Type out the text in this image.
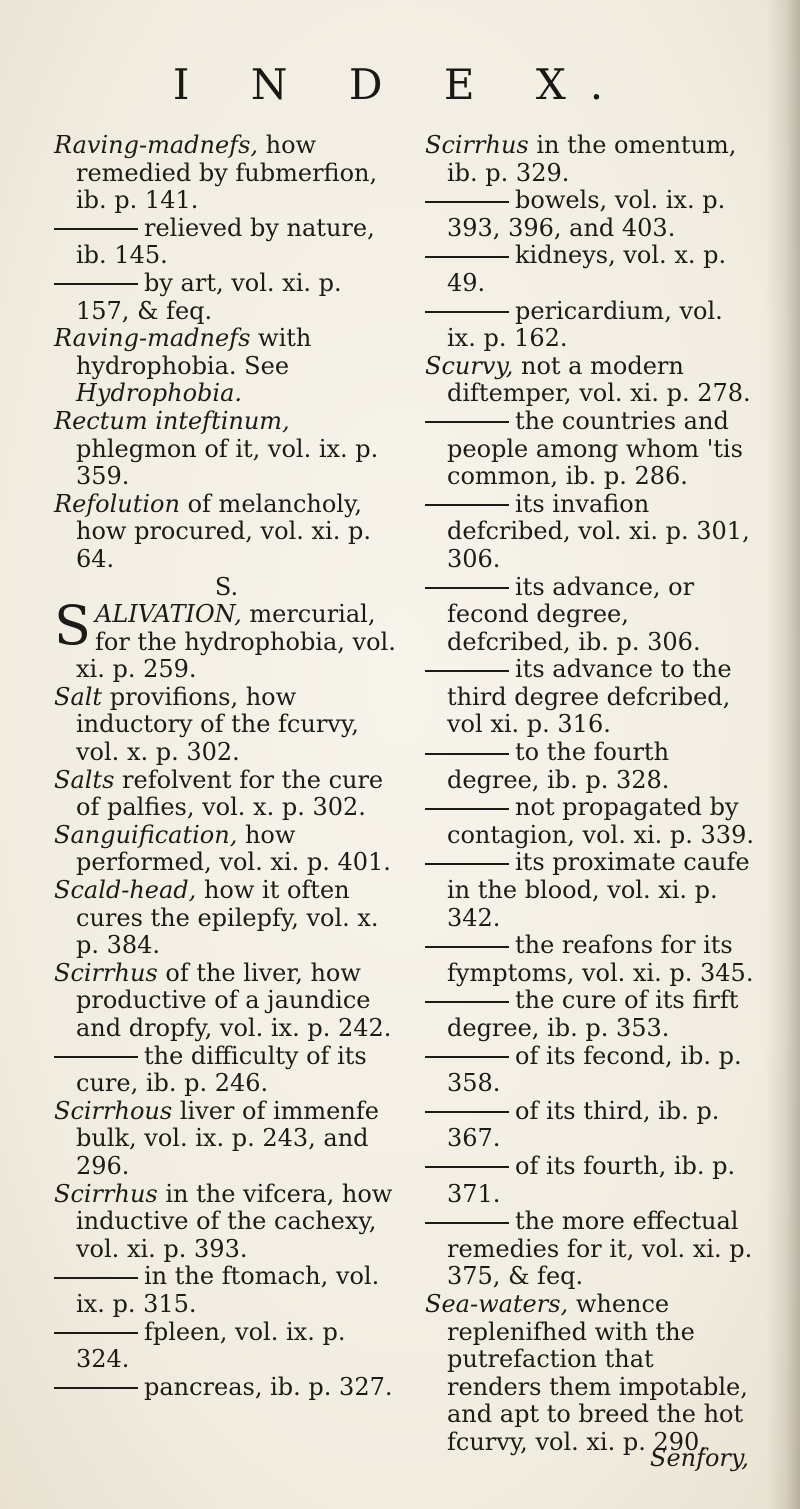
I N D E X.

Raving-madnefs, how remedied by fubmerfion, ib. p. 141.

relieved by nature, ib. 145.

by art, vol. xi. p. 157, & feq.

Raving-madnefs with hydrophobia. See Hydrophobia.

Rectum inteftinum, phlegmon of it, vol. ix. p. 359.

Refolution of melancholy, how procured, vol. xi. p. 64.

S.

SALIVATION, mercurial, for the hydrophobia, vol. xi. p. 259.

Salt provifions, how inductory of the fcurvy, vol. x. p. 302.

Salts refolvent for the cure of palfies, vol. x. p. 302.

Sanguification, how performed, vol. xi. p. 401.

Scald-head, how it often cures the epilepfy, vol. x. p. 384.

Scirrhus of the liver, how productive of a jaundice and dropfy, vol. ix. p. 242.

the difficulty of its cure, ib. p. 246.

Scirrhous liver of immenfe bulk, vol. ix. p. 243, and 296.

Scirrhus in the vifcera, how inductive of the cachexy, vol. xi. p. 393.

in the ftomach, vol. ix. p. 315.

fpleen, vol. ix. p. 324.

pancreas, ib. p. 327.

Scirrhus in the omentum, ib. p. 329.

bowels, vol. ix. p. 393, 396, and 403.

kidneys, vol. x. p. 49.

pericardium, vol. ix. p. 162.

Scurvy, not a modern diftemper, vol. xi. p. 278.

the countries and people among whom 'tis common, ib. p. 286.

its invafion defcribed, vol. xi. p. 301, 306.

its advance, or fecond degree, defcribed, ib. p. 306.

its advance to the third degree defcribed, vol xi. p. 316.

to the fourth degree, ib. p. 328.

not propagated by contagion, vol. xi. p. 339.

its proximate caufe in the blood, vol. xi. p. 342.

the reafons for its fymptoms, vol. xi. p. 345.

the cure of its firft degree, ib. p. 353.

of its fecond, ib. p. 358.

of its third, ib. p. 367.

of its fourth, ib. p. 371.

the more effectual remedies for it, vol. xi. p. 375, & feq.

Sea-waters, whence replenifhed with the putrefaction that renders them impotable, and apt to breed the hot fcurvy, vol. xi. p. 290.

Senfory,
